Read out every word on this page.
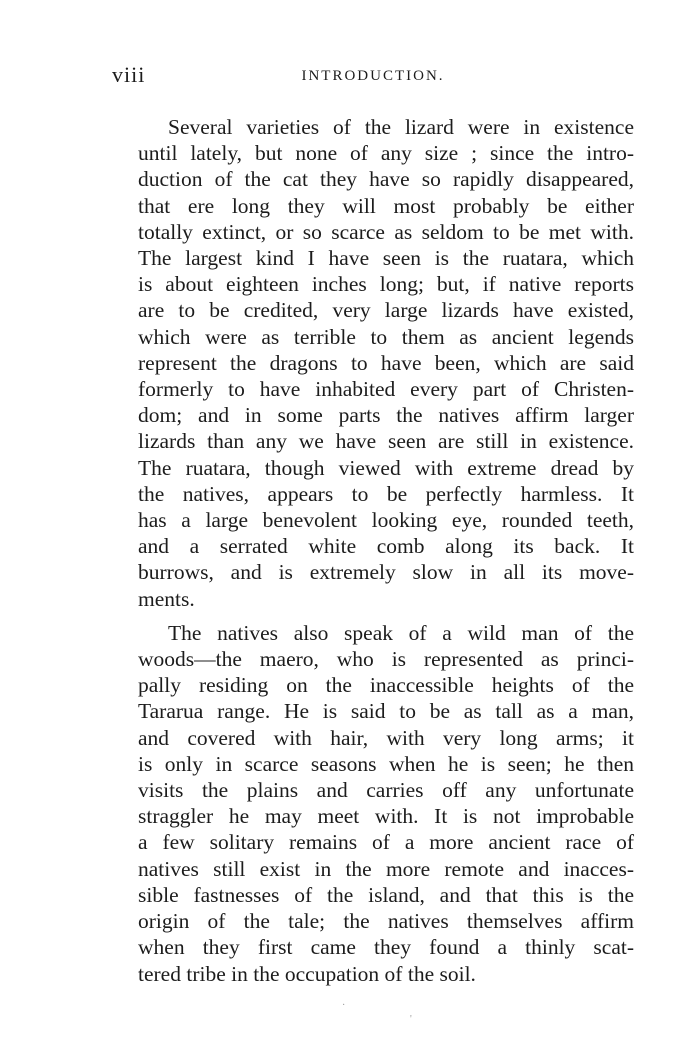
viii	INTRODUCTION.
Several varieties of the lizard were in existence
until lately, but none of any size ; since the intro-
duction of the cat they have so rapidly disappeared,
that ere long they will most probably be either
totally extinct, or so scarce as seldom to be met with.
The largest kind I have seen is the ruatara, which
is about eighteen inches long; but, if native reports
are to be credited, very large lizards have existed,
which were as terrible to them as ancient legends
represent the dragons to have been, which are said
formerly to have inhabited every part of Christen-
dom; and in some parts the natives affirm larger
lizards than any we have seen are still in existence.
The ruatara, though viewed with extreme dread by
the natives, appears to be perfectly harmless. It
has a large benevolent looking eye, rounded teeth,
and a serrated white comb along its back. It
burrows, and is extremely slow in all its move-
ments.
The natives also speak of a wild man of the
woods—the maero, who is represented as princi-
pally residing on the inaccessible heights of the
Tararua range. He is said to be as tall as a man,
and covered with hair, with very long arms; it
is only in scarce seasons when he is seen; he then
visits the plains and carries off any unfortunate
straggler he may meet with. It is not improbable
a few solitary remains of a more ancient race of
natives still exist in the more remote and inacces-
sible fastnesses of the island, and that this is the
origin of the tale; the natives themselves affirm
when they first came they found a thinly scat-
tered tribe in the occupation of the soil.
·
'
